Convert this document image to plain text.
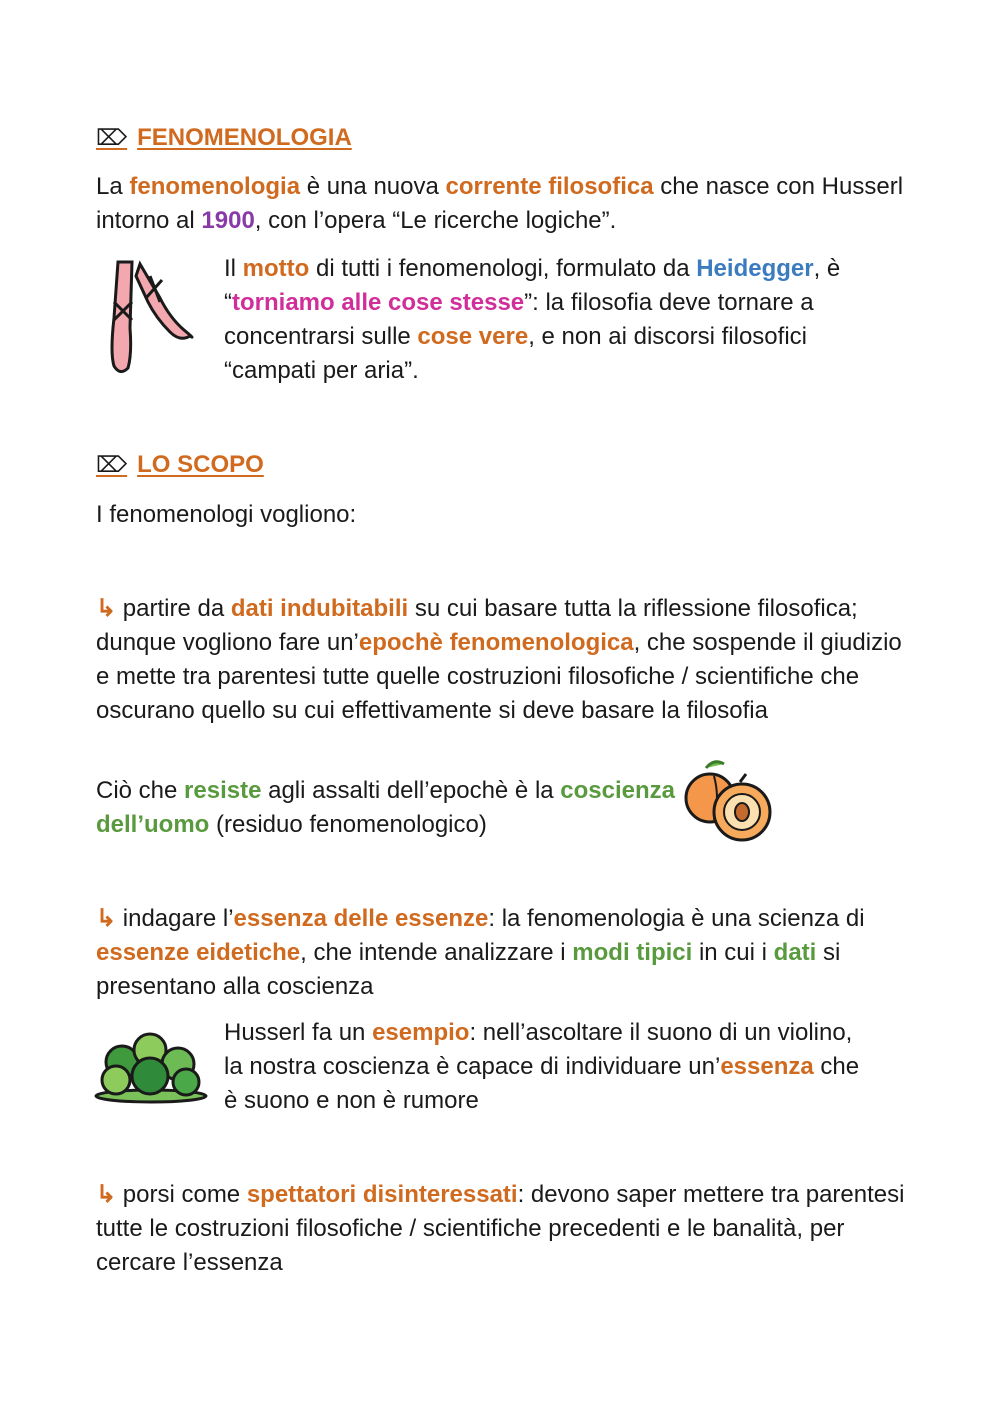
⌦ FENOMENOLOGIA

La fenomenologia è una nuova corrente filosofica che nasce con Husserl intorno al 1900, con l’opera “Le ricerche logiche”.

Il motto di tutti i fenomenologi, formulato da Heidegger, è “torniamo alle cose stesse”: la filosofia deve tornare a concentrarsi sulle cose vere, e non ai discorsi filosofici “campati per aria”.

⌦ LO SCOPO

I fenomenologi vogliono:

↳ partire da dati indubitabili su cui basare tutta la riflessione filosofica; dunque vogliono fare un’epochè fenomenologica, che sospende il giudizio e mette tra parentesi tutte quelle costruzioni filosofiche / scientifiche che oscurano quello su cui effettivamente si deve basare la filosofia

Ciò che resiste agli assalti dell’epochè è la coscienza dell’uomo (residuo fenomenologico)

↳ indagare l’essenza delle essenze: la fenomenologia è una scienza di essenze eidetiche, che intende analizzare i modi tipici in cui i dati si presentano alla coscienza

Husserl fa un esempio: nell’ascoltare il suono di un violino, la nostra coscienza è capace di individuare un’essenza che è suono e non è rumore

↳ porsi come spettatori disinteressati: devono saper mettere tra parentesi tutte le costruzioni filosofiche / scientifiche precedenti e le banalità, per cercare l’essenza
